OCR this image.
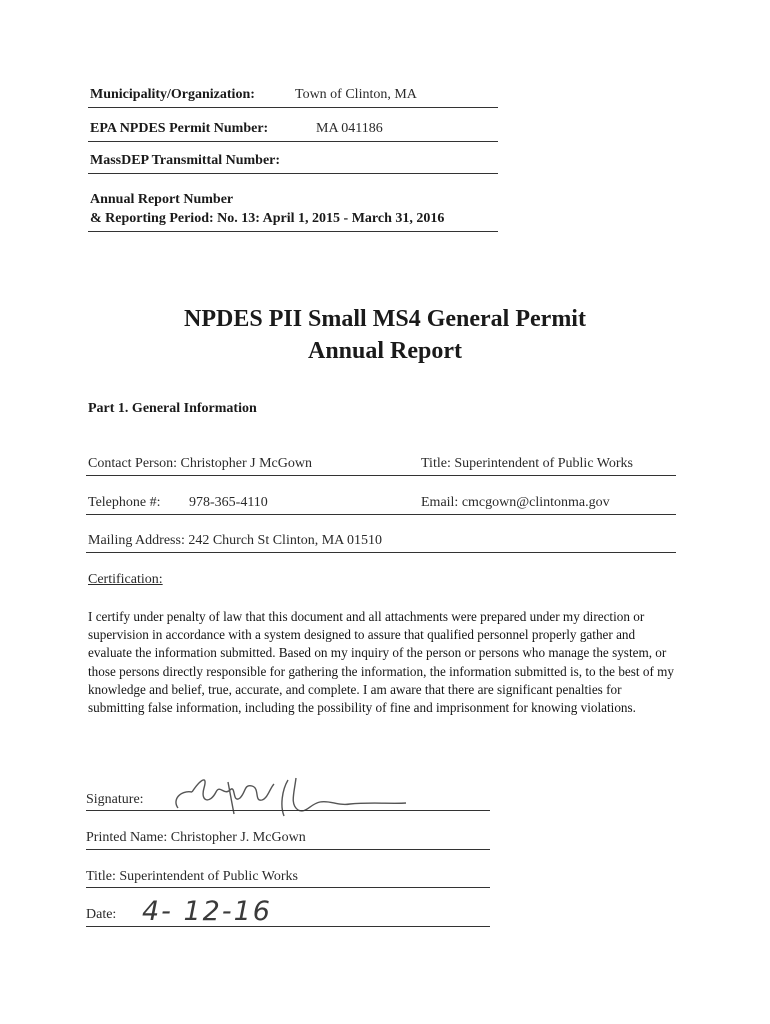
Municipality/Organization:	Town of Clinton, MA
EPA NPDES Permit Number:	MA 041186
MassDEP Transmittal Number:
Annual Report Number
& Reporting Period: No. 13: April 1, 2015 - March 31, 2016
NPDES PII Small MS4 General Permit
Annual Report
Part 1. General Information
Contact Person: Christopher J McGown	Title: Superintendent of Public Works
Telephone #: 978-365-4110	Email: cmcgown@clintonma.gov
Mailing Address: 242 Church St Clinton, MA 01510
Certification:
I certify under penalty of law that this document and all attachments were prepared under my direction or supervision in accordance with a system designed to assure that qualified personnel properly gather and evaluate the information submitted. Based on my inquiry of the person or persons who manage the system, or those persons directly responsible for gathering the information, the information submitted is, to the best of my knowledge and belief, true, accurate, and complete. I am aware that there are significant penalties for submitting false information, including the possibility of fine and imprisonment for knowing violations.
Signature:
Printed Name: Christopher J. McGown
Title: Superintendent of Public Works
Date: 4- 12-16
